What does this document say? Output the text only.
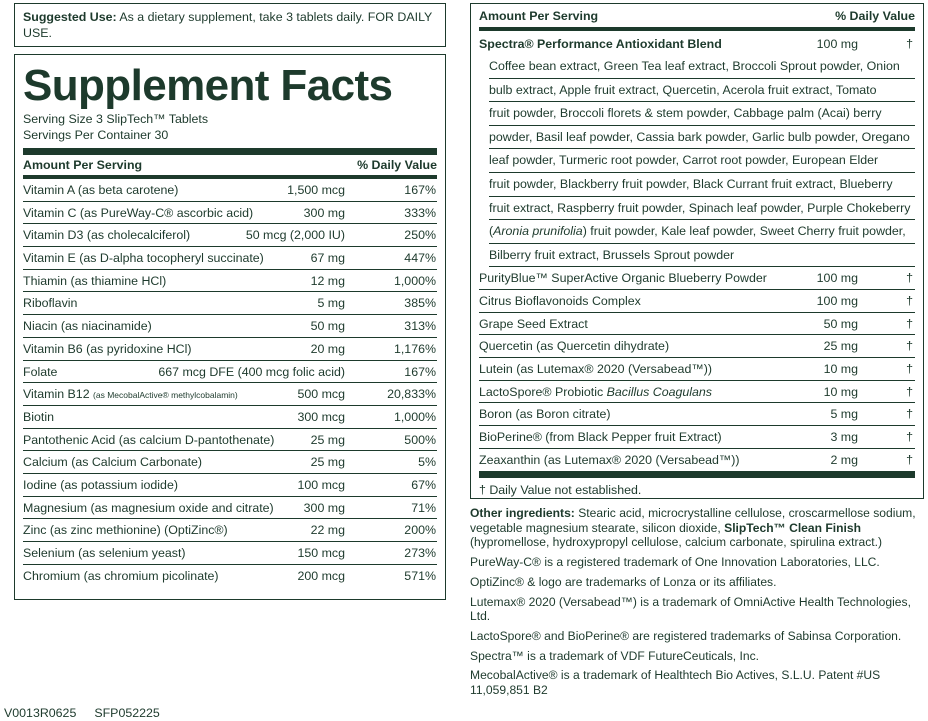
Suggested Use: As a dietary supplement, take 3 tablets daily. FOR DAILY USE.
Supplement Facts
Serving Size 3 SlipTech™ Tablets
Servings Per Container 30
Amount Per Serving	% Daily Value
Vitamin A (as beta carotene)	1,500 mcg	167%
Vitamin C (as PureWay-C® ascorbic acid)	300 mg	333%
Vitamin D3 (as cholecalciferol)	50 mcg (2,000 IU)	250%
Vitamin E (as D-alpha tocopheryl succinate)	67 mg	447%
Thiamin (as thiamine HCl)	12 mg	1,000%
Riboflavin	5 mg	385%
Niacin (as niacinamide)	50 mg	313%
Vitamin B6 (as pyridoxine HCl)	20 mg	1,176%
Folate	667 mcg DFE (400 mcg folic acid)	167%
Vitamin B12 (as MecobalActive® methylcobalamin)	500 mcg	20,833%
Biotin	300 mcg	1,000%
Pantothenic Acid (as calcium D-pantothenate)	25 mg	500%
Calcium (as Calcium Carbonate)	25 mg	5%
Iodine (as potassium iodide)	100 mcg	67%
Magnesium (as magnesium oxide and citrate) 300 mg	71%
Zinc (as zinc methionine) (OptiZinc®)	22 mg	200%
Selenium (as selenium yeast)	150 mcg	273%
Chromium (as chromium picolinate)	200 mcg	571%
Amount Per Serving	% Daily Value
Spectra® Performance Antioxidant Blend	100 mg	†
Coffee bean extract, Green Tea leaf extract, Broccoli Sprout powder, Onion
bulb extract, Apple fruit extract, Quercetin, Acerola fruit extract, Tomato
fruit powder, Broccoli florets & stem powder, Cabbage palm (Acai) berry
powder, Basil leaf powder, Cassia bark powder, Garlic bulb powder, Oregano
leaf powder, Turmeric root powder, Carrot root powder, European Elder
fruit powder, Blackberry fruit powder, Black Currant fruit extract, Blueberry
fruit extract, Raspberry fruit powder, Spinach leaf powder, Purple Chokeberry
(Aronia prunifolia) fruit powder, Kale leaf powder, Sweet Cherry fruit powder,
Bilberry fruit extract, Brussels Sprout powder
PurityBlue™ SuperActive Organic Blueberry Powder	100 mg	†
Citrus Bioflavonoids Complex	100 mg	†
Grape Seed Extract	50 mg	†
Quercetin (as Quercetin dihydrate)	25 mg	†
Lutein (as Lutemax® 2020 (Versabead™))	10 mg	†
LactoSpore® Probiotic Bacillus Coagulans	10 mg	†
Boron (as Boron citrate)	5 mg	†
BioPerine® (from Black Pepper fruit Extract)	3 mg	†
Zeaxanthin (as Lutemax® 2020 (Versabead™))	2 mg	†
† Daily Value not established.

Other ingredients: Stearic acid, microcrystalline cellulose, croscarmellose sodium, vegetable magnesium stearate, silicon dioxide, SlipTech™ Clean Finish (hypromellose, hydroxypropyl cellulose, calcium carbonate, spirulina extract.)

PureWay-C® is a registered trademark of One Innovation Laboratories, LLC.

OptiZinc® & logo are trademarks of Lonza or its affiliates.

Lutemax® 2020 (Versabead™) is a trademark of OmniActive Health Technologies, Ltd.

LactoSpore® and BioPerine® are registered trademarks of Sabinsa Corporation.

Spectra™ is a trademark of VDF FutureCeuticals, Inc.

MecobalActive® is a trademark of Healthtech Bio Actives, S.L.U. Patent #US 11,059,851 B2

V0013R0625 SFP052225
